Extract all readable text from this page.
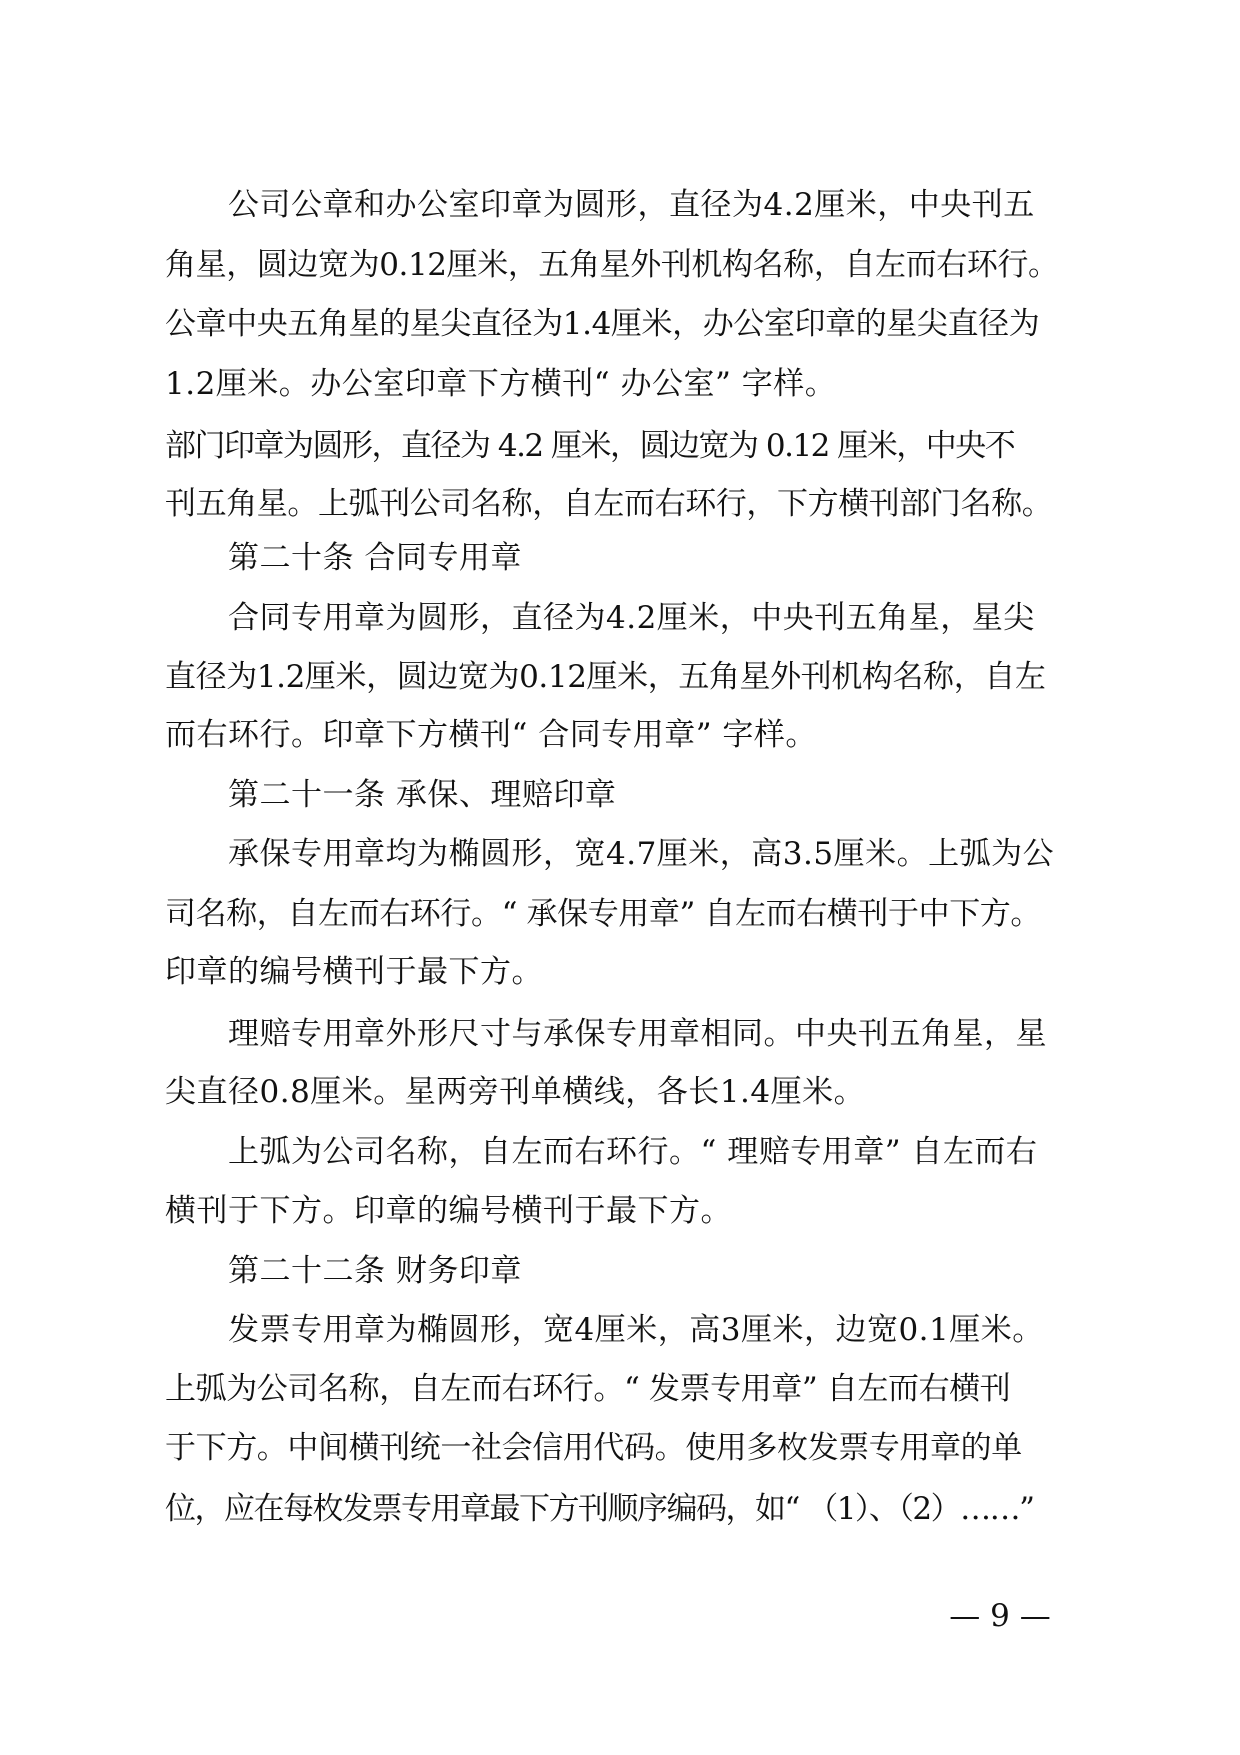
公司公章和办公室印章为圆形，直径为4.2厘米，中央刊五
角星，圆边宽为0.12厘米，五角星外刊机构名称，自左而右环行。
公章中央五角星的星尖直径为1.4厘米，办公室印章的星尖直径为
1.2厘米。办公室印章下方横刊“ 办公室” 字样。
部门印章为圆形，直径为 4.2 厘米，圆边宽为 0.12 厘米，中央不
刊五角星。上弧刊公司名称，自左而右环行，下方横刊部门名称。
第二十条 合同专用章
合同专用章为圆形，直径为4.2厘米，中央刊五角星，星尖
直径为1.2厘米，圆边宽为0.12厘米，五角星外刊机构名称，自左
而右环行。印章下方横刊“ 合同专用章” 字样。
第二十一条 承保、理赔印章
承保专用章均为椭圆形，宽4.7厘米，高3.5厘米。上弧为公
司名称，自左而右环行。“ 承保专用章” 自左而右横刊于中下方。
印章的编号横刊于最下方。
理赔专用章外形尺寸与承保专用章相同。中央刊五角星，星
尖直径0.8厘米。星两旁刊单横线，各长1.4厘米。
上弧为公司名称，自左而右环行。“ 理赔专用章” 自左而右
横刊于下方。印章的编号横刊于最下方。
第二十二条 财务印章
发票专用章为椭圆形，宽4厘米，高3厘米，边宽0.1厘米。
上弧为公司名称，自左而右环行。“ 发票专用章” 自左而右横刊
于下方。中间横刊统一社会信用代码。使用多枚发票专用章的单
位，应在每枚发票专用章最下方刊顺序编码，如“ （1）、（2）……”
— 9 —
